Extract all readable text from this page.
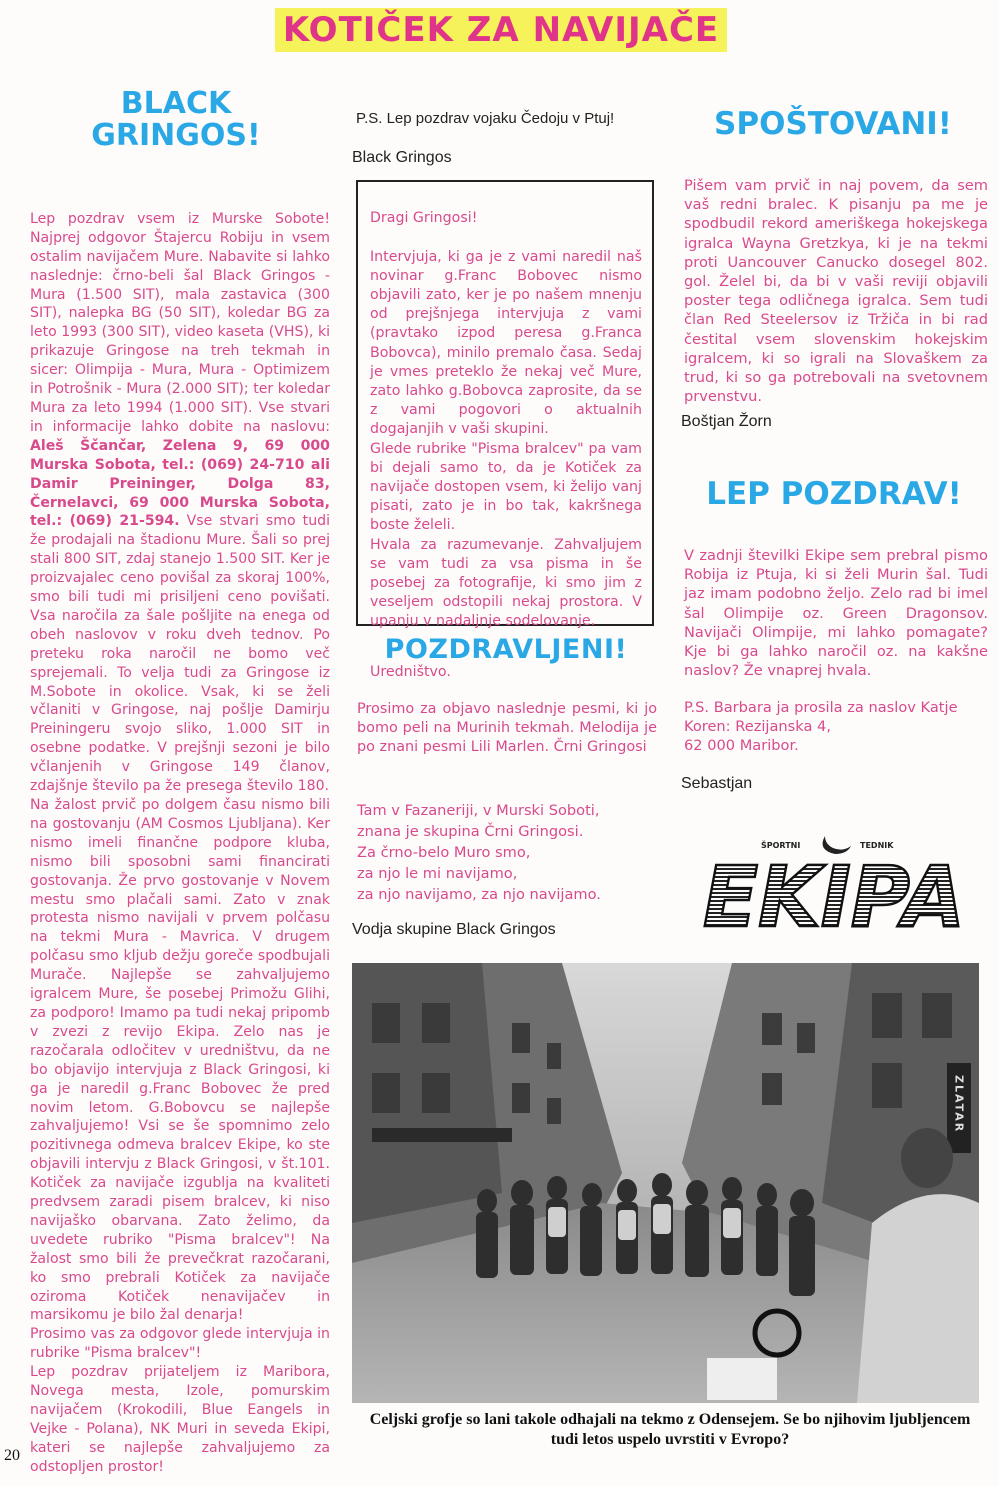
KOTIČEK ZA NAVIJAČE
BLACK
GRINGOS!

Lep pozdrav vsem iz Murske Sobote! Najprej odgovor Štajercu Robiju in vsem ostalim navijačem Mure. Nabavite si lahko naslednje: črno-beli šal Black Gringos - Mura (1.500 SIT), mala zastavica (300 SIT), nalepka BG (50 SIT), koledar BG za leto 1993 (300 SIT), video kaseta (VHS), ki prikazuje Gringose na treh tekmah in sicer: Olimpija - Mura, Mura - Optimizem in Potrošnik - Mura (2.000 SIT); ter koledar Mura za leto 1994 (1.000 SIT). Vse stvari in informacije lahko dobite na naslovu: Aleš Ščančar, Zelena 9, 69 000 Murska Sobota, tel.: (069) 24-710 ali Damir Preininger, Dolga 83, Černelavci, 69 000 Murska Sobota, tel.: (069) 21-594. Vse stvari smo tudi že prodajali na štadionu Mure. Šali so prej stali 800 SIT, zdaj stanejo 1.500 SIT. Ker je proizvajalec ceno povišal za skoraj 100%, smo bili tudi mi prisiljeni ceno povišati. Vsa naročila za šale pošljite na enega od obeh naslovov v roku dveh tednov. Po preteku roka naročil ne bomo več sprejemali. To velja tudi za Gringose iz M.Sobote in okolice. Vsak, ki se želi včlaniti v Gringose, naj pošlje Damirju Preiningeru svojo sliko, 1.000 SIT in osebne podatke. V prejšnji sezoni je bilo včlanjenih v Gringose 149 članov, zdajšnje število pa že presega število 180.
Na žalost prvič po dolgem času nismo bili na gostovanju (AM Cosmos Ljubljana). Ker nismo imeli finančne podpore kluba, nismo bili sposobni sami financirati gostovanja. Že prvo gostovanje v Novem mestu smo plačali sami. Zato v znak protesta nismo navijali v prvem polčasu na tekmi Mura - Mavrica. V drugem polčasu smo kljub dežju goreče spodbujali Murače. Najlepše se zahvaljujemo igralcem Mure, še posebej Primožu Glihi, za podporo! Imamo pa tudi nekaj pripomb v zvezi z revijo Ekipa. Zelo nas je razočarala odločitev v uredništvu, da ne bo objavijo intervjuja z Black Gringosi, ki ga je naredil g.Franc Bobovec že pred novim letom. G.Bobovcu se najlepše zahvaljujemo! Vsi se še spomnimo zelo pozitivnega odmeva bralcev Ekipe, ko ste objavili intervju z Black Gringosi, v št.101. Kotiček za navijače izgublja na kvaliteti predvsem zaradi pisem bralcev, ki niso navijaško obarvana. Zato želimo, da uvedete rubriko "Pisma bralcev"! Na žalost smo bili že prevečkrat razočarani, ko smo prebrali Kotiček za navijače oziroma Kotiček nenavijačev in marsikomu je bilo žal denarja!
Prosimo vas za odgovor glede intervjuja in rubrike "Pisma bralcev"!
Lep pozdrav prijateljem iz Maribora, Novega mesta, Izole, pomurskim navijačem (Krokodili, Blue Eangels in Vejke - Polana), NK Muri in seveda Ekipi, kateri se najlepše zahvaljujemo za odstopljen prostor!

20
P.S. Lep pozdrav vojaku Čedoju v Ptuj!
Black Gringos

Dragi Gringosi!

Intervjuja, ki ga je z vami naredil naš novinar g.Franc Bobovec nismo objavili zato, ker je po našem mnenju od prejšnjega intervjuja z vami (pravtako izpod peresa g.Franca Bobovca), minilo premalo časa. Sedaj je vmes preteklo že nekaj več Mure, zato lahko g.Bobovca zaprosite, da se z vami pogovori o aktualnih dogajanjih v vaši skupini.
Glede rubrike "Pisma bralcev" pa vam bi dejali samo to, da je Kotiček za navijače dostopen vsem, ki želijo vanj pisati, zato je in bo tak, kakršnega boste želeli.
Hvala za razumevanje. Zahvaljujem se vam tudi za vsa pisma in še posebej za fotografije, ki smo jim z veseljem odstopili nekaj prostora. V upanju v nadaljnje sodelovanje.

Uredništvo.

POZDRAVLJENI!
Prosimo za objavo naslednje pesmi, ki jo bomo peli na Murinih tekmah. Melodija je po znani pesmi Lili Marlen. Črni Gringosi
Tam v Fazaneriji, v Murski Soboti,
znana je skupina Črni Gringosi.
Za črno-belo Muro smo,
za njo le mi navijamo,
za njo navijamo, za njo navijamo.
Vodja skupine Black Gringos
SPOŠTOVANI!
Pišem vam prvič in naj povem, da sem vaš redni bralec. K pisanju pa me je spodbudil rekord ameriškega hokejskega igralca Wayna Gretzkya, ki je na tekmi proti Uancouver Canucko dosegel 802. gol. Želel bi, da bi v vaši reviji objavili poster tega odličnega igralca. Sem tudi član Red Steelersov iz Tržiča in bi rad čestital vsem slovenskim hokejskim igralcem, ki so igrali na Slovaškem za trud, ki so ga potrebovali na svetovnem prvenstvu.
Boštjan Žorn
LEP POZDRAV!
V zadnji številki Ekipe sem prebral pismo Robija iz Ptuja, ki si želi Murin šal. Tudi jaz imam podobno željo. Zelo rad bi imel šal Olimpije oz. Green Dragonsov. Navijači Olimpije, mi lahko pomagate? Kje bi ga lahko naročil oz. na kakšne naslov? Že vnaprej hvala.
P.S. Barbara ja prosila za naslov Katje Koren: Rezijanska 4,
62 000 Maribor.
Sebastjan
ŠPORTNI	TEDNIK
EKIPA
ZLATAR
Celjski grofje so lani takole odhajali na tekmo z Odensejem. Se bo njihovim ljubljencem tudi letos uspelo uvrstiti v Evropo?
